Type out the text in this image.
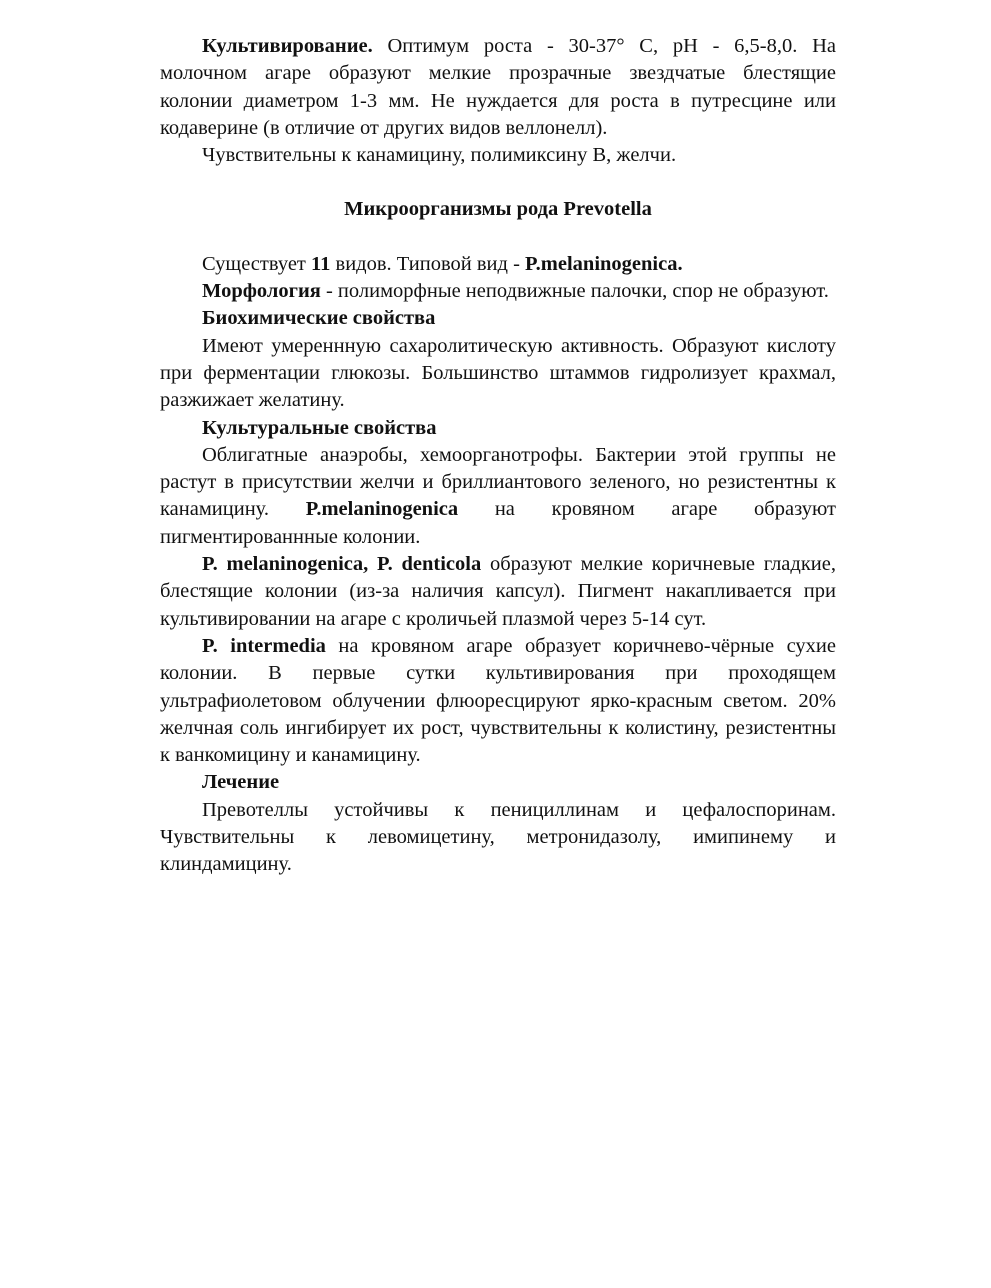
Культивирование. Оптимум роста - 30-37° С, рН - 6,5-8,0. На молочном агаре образуют мелкие прозрачные звездчатые блестящие колонии диаметром 1-3 мм. Не нуждается для роста в путресцине или кодаверине (в отличие от других видов веллонелл).

Чувствительны к канамицину, полимиксину В, желчи.

Микроорганизмы рода Prevotella

Существует 11 видов. Типовой вид - P.melaninogenica.

Морфология - полиморфные неподвижные палочки, спор не образуют.

Биохимические свойства

Имеют умереннную сахаролитическую активность. Образуют кислоту при ферментации глюкозы. Большинство штаммов гидролизует крахмал, разжижает желатину.

Культуральные свойства

Облигатные анаэробы, хемоорганотрофы. Бактерии этой группы не растут в присутствии желчи и бриллиантового зеленого, но резистентны к канамицину. P.melaninogenica на кровяном агаре образуют пигментированнные колонии.

P. melaninogenica, P. denticola образуют мелкие коричневые гладкие, блестящие колонии (из-за наличия капсул). Пигмент накапливается при культивировании на агаре с кроличьей плазмой через 5-14 сут.

P. intermedia на кровяном агаре образует коричнево-чёрные сухие колонии. В первые сутки культивирования при проходящем ультрафиолетовом облучении флюоресцируют ярко-красным светом. 20% желчная соль ингибирует их рост, чувствительны к колистину, резистентны к ванкомицину и канамицину.

Лечение

Превотеллы устойчивы к пенициллинам и цефалоспоринам. Чувствительны к левомицетину, метронидазолу, имипинему и клиндамицину.
